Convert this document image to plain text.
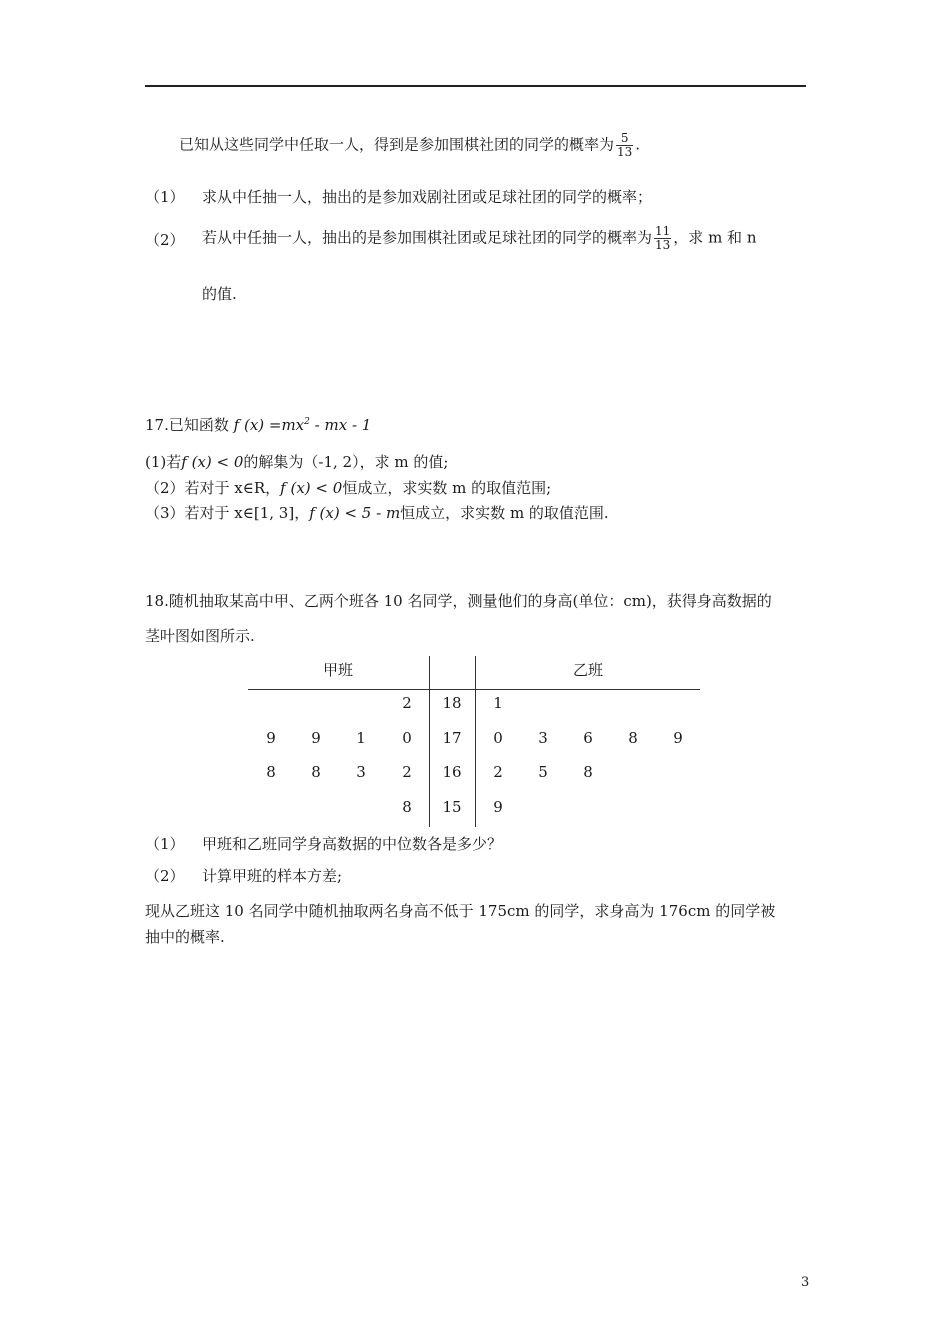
已知从这些同学中任取一人，得到是参加围棋社团的同学的概率为 $\frac{5}{13}$ .
（1） 求从中任抽一人，抽出的是参加戏剧社团或足球社团的同学的概率；
（2） 若从中任抽一人，抽出的是参加围棋社团或足球社团的同学的概率为 $\frac{11}{13}$ ，求 m 和 n
的值.
17.已知函数 f $(x) =mx^2$ - mx - 1
(1)若f (x) < 0的解集为（-1, 2），求 m 的值;
（2）若对于 x∈R，f (x) < 0恒成立，求实数 m 的取值范围;
（3）若对于 x∈[1, 3]，f (x) < 5 - m恒成立，求实数 m 的取值范围.
18.随机抽取某高中甲、乙两个班各 10 名同学，测量他们的身高(单位：cm)，获得身高数据的
茎叶图如图所示.
甲班	乙班
2	18	1
9	9	1	0	17	0	3	6	8	9
8	8	3	2	16	2	5	8
8	15	9
（1） 甲班和乙班同学身高数据的中位数各是多少？
（2） 计算甲班的样本方差;
现从乙班这 10 名同学中随机抽取两名身高不低于 175cm 的同学，求身高为 176cm 的同学被
抽中的概率.
3
